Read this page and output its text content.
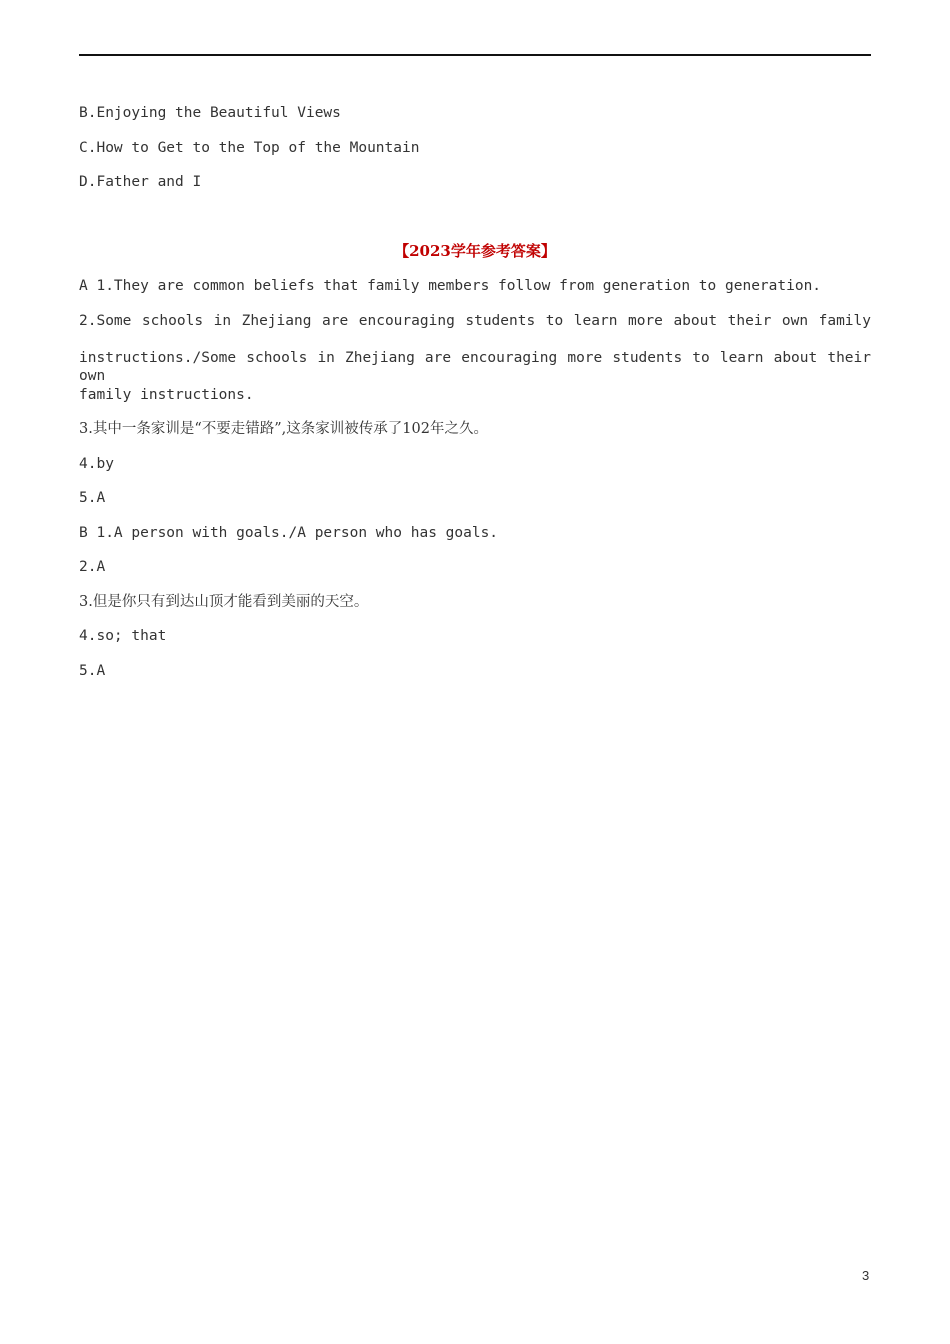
B.Enjoying the Beautiful Views
C.How to Get to the Top of the Mountain
D.Father and I
【2023学年参考答案】
A 1.They are common beliefs that family members follow from generation to generation.
2.Some schools in Zhejiang are encouraging students to learn more about their own family
instructions./Some schools in Zhejiang are encouraging more students to learn about their own
family instructions.
3.其中一条家训是“不要走错路”,这条家训被传承了102年之久。
4.by
5.A
B 1.A person with goals./A person who has goals.
2.A
3.但是你只有到达山顶才能看到美丽的天空。
4.so; that
5.A
3
